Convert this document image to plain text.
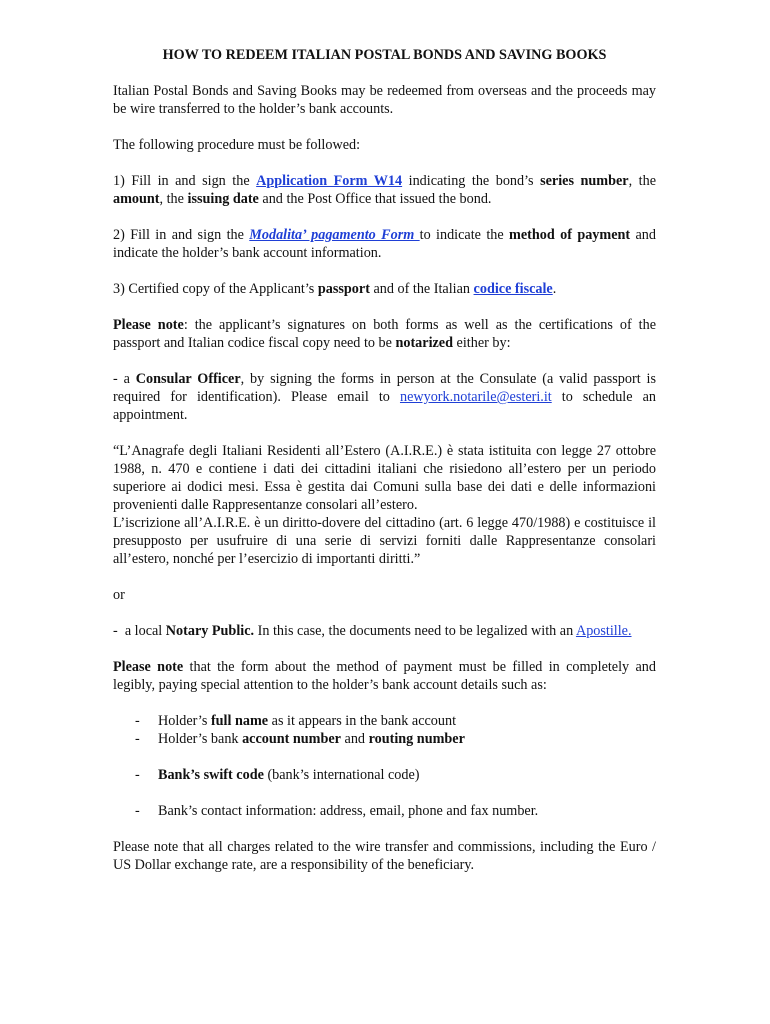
HOW TO REDEEM ITALIAN POSTAL BONDS AND SAVING BOOKS

Italian Postal Bonds and Saving Books may be redeemed from overseas and the proceeds may be wire transferred to the holder’s bank accounts.

The following procedure must be followed:

1) Fill in and sign the Application Form W14 indicating the bond’s series number, the amount, the issuing date and the Post Office that issued the bond.

2) Fill in and sign the Modalita’ pagamento Form to indicate the method of payment and indicate the holder’s bank account information.

3) Certified copy of the Applicant’s passport and of the Italian codice fiscale.

Please note: the applicant’s signatures on both forms as well as the certifications of the passport and Italian codice fiscal copy need to be notarized either by:

- a Consular Officer, by signing the forms in person at the Consulate (a valid passport is required for identification). Please email to newyork.notarile@esteri.it to schedule an appointment.

“L’Anagrafe degli Italiani Residenti all’Estero (A.I.R.E.) è stata istituita con legge 27 ottobre 1988, n. 470 e contiene i dati dei cittadini italiani che risiedono all’estero per un periodo superiore ai dodici mesi. Essa è gestita dai Comuni sulla base dei dati e delle informazioni provenienti dalle Rappresentanze consolari all’estero.
L’iscrizione all’A.I.R.E. è un diritto-dovere del cittadino (art. 6 legge 470/1988) e costituisce il presupposto per usufruire di una serie di servizi forniti dalle Rappresentanze consolari all’estero, nonché per l’esercizio di importanti diritti.”

or

-  a local Notary Public. In this case, the documents need to be legalized with an Apostille.

Please note that the form about the method of payment must be filled in completely and legibly, paying special attention to the holder’s bank account details such as:

- Holder’s full name as it appears in the bank account
- Holder’s bank account number and routing number
- Bank’s swift code (bank’s international code)
- Bank’s contact information: address, email, phone and fax number.

Please note that all charges related to the wire transfer and commissions, including the Euro / US Dollar exchange rate, are a responsibility of the beneficiary.
